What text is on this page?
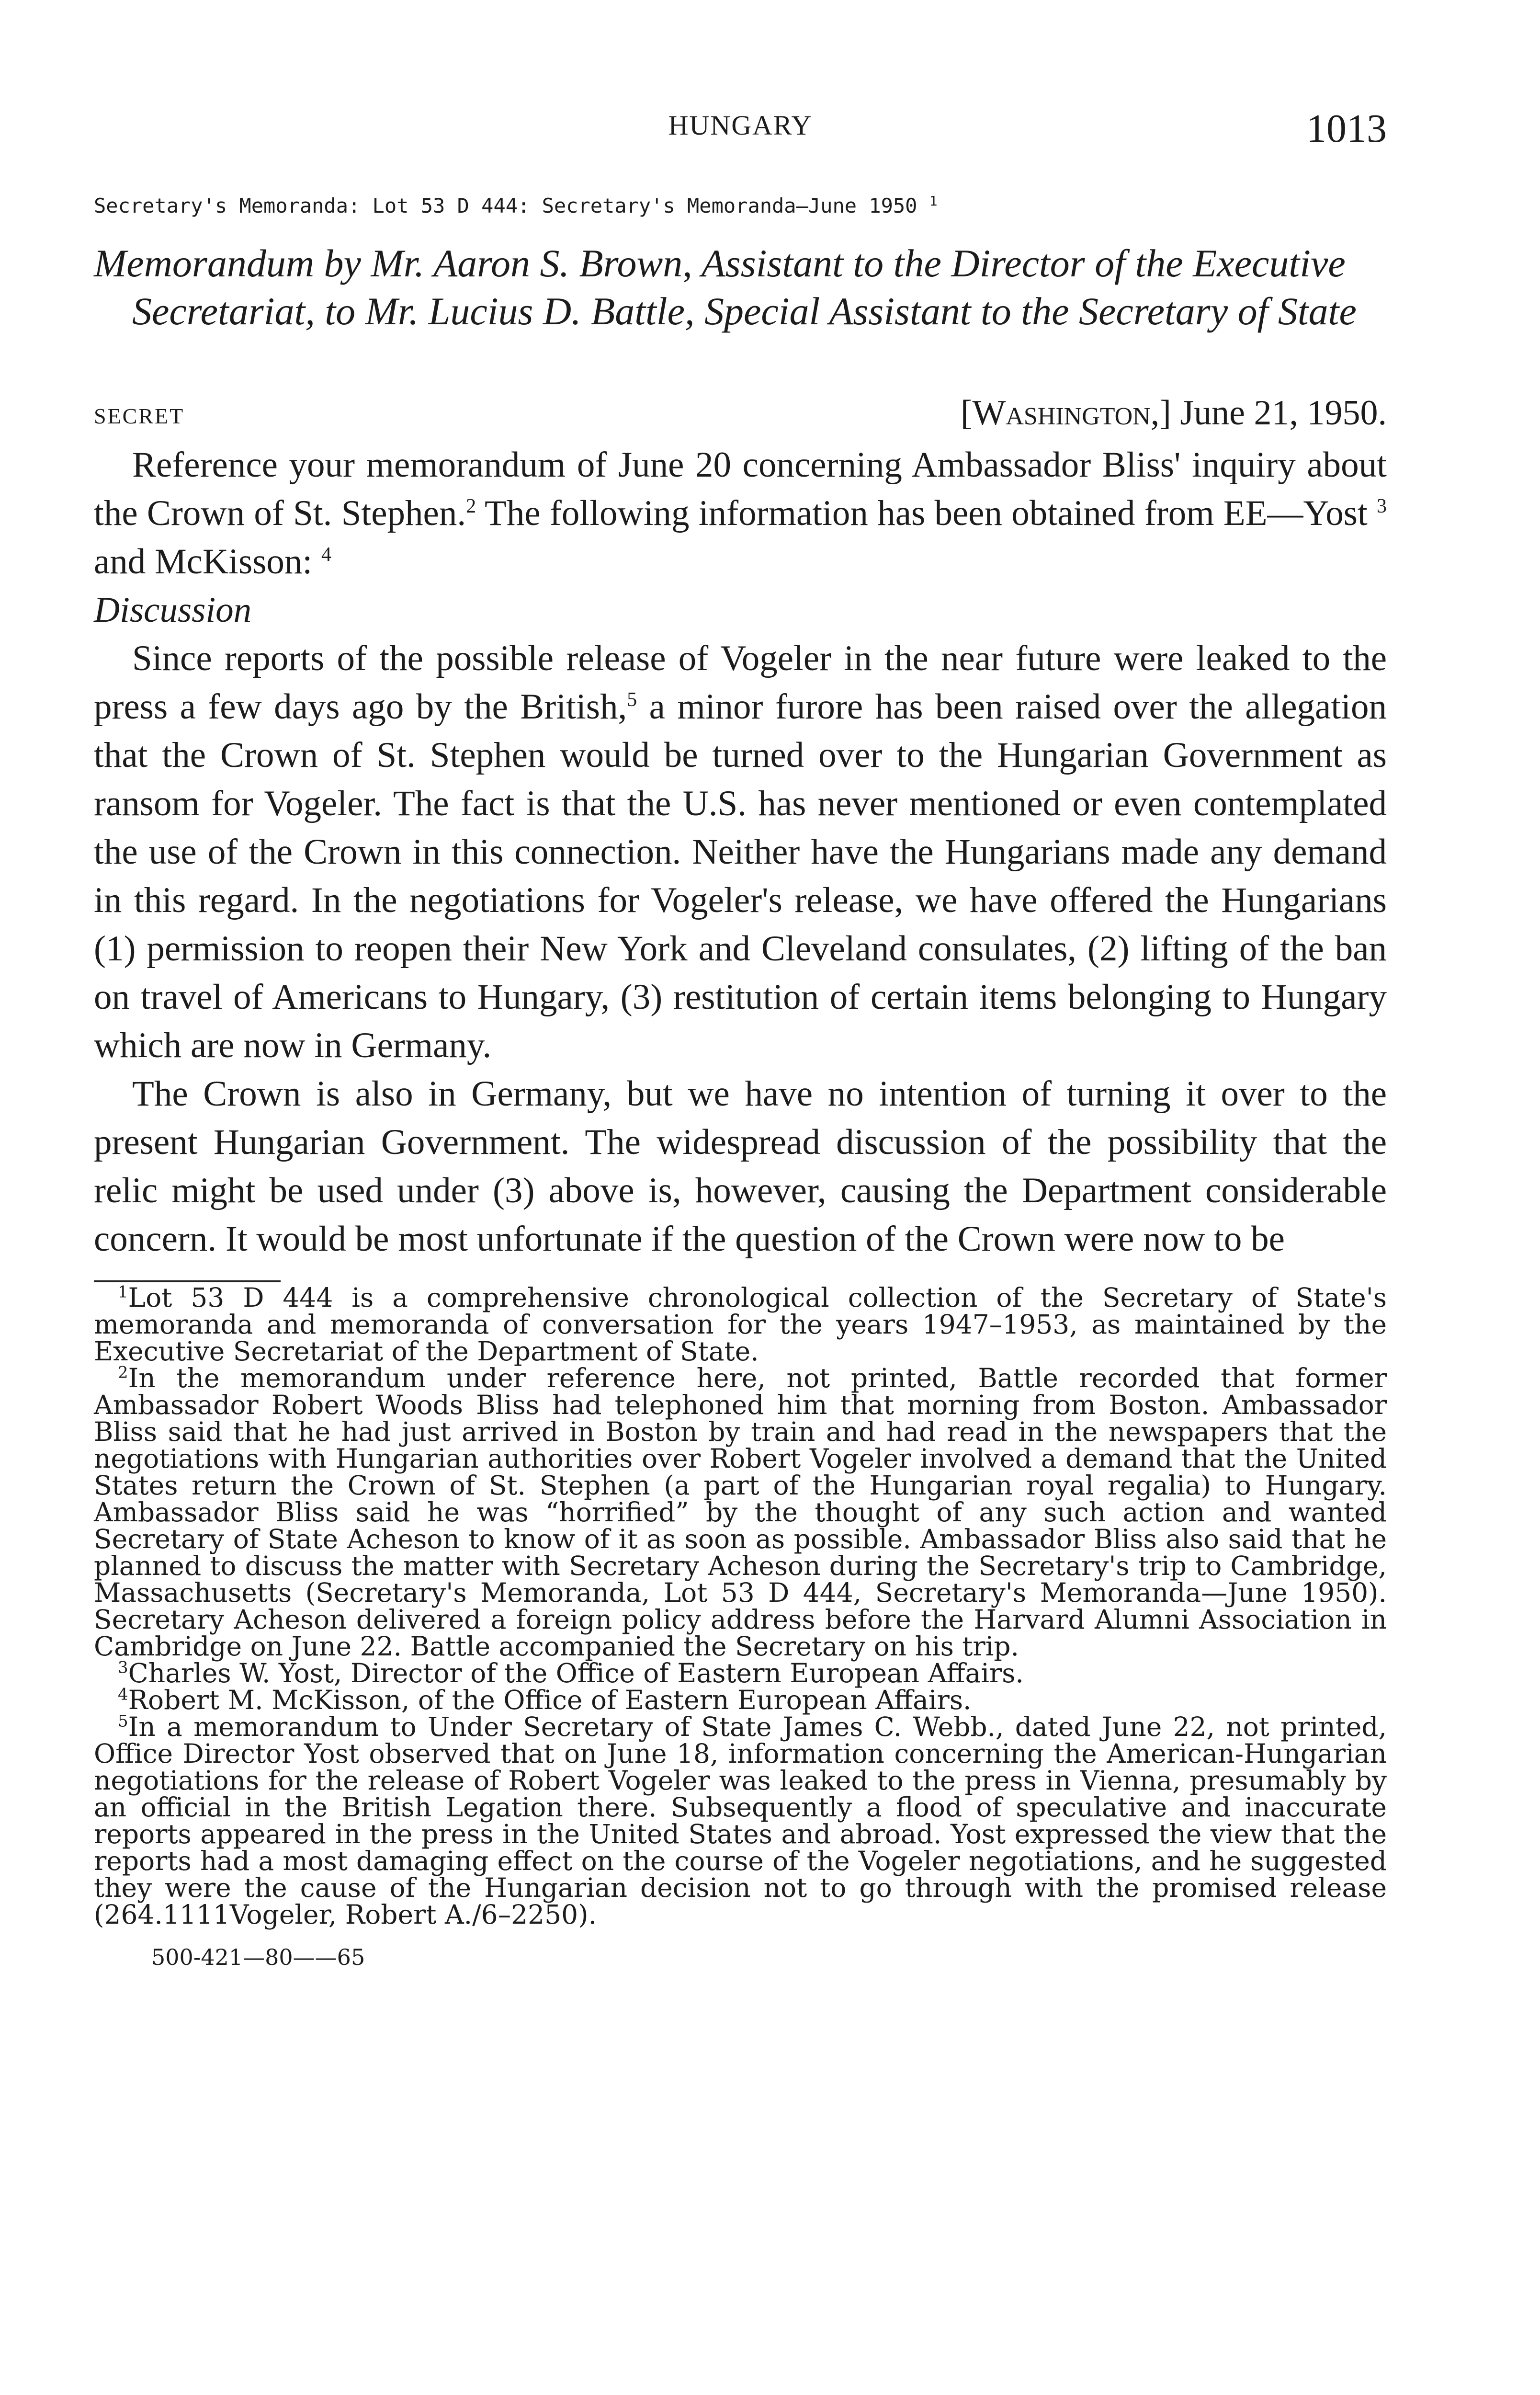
HUNGARY	1013
Secretary's Memoranda: Lot 53 D 444: Secretary's Memoranda—June 1950 $^1$
Memorandum by Mr. Aaron S. Brown, Assistant to the Director of the Executive Secretariat, to Mr. Lucius D. Battle, Special Assistant to the Secretary of State
SECRET	[Washington,] June 21, 1950.

Reference your memorandum of June 20 concerning Ambassador Bliss' inquiry about the Crown of St. Stephen.$^2$ The following information has been obtained from EE—Yost $^3$ and McKisson: $^4$

Discussion

Since reports of the possible release of Vogeler in the near future were leaked to the press a few days ago by the British,$^5$ a minor furore has been raised over the allegation that the Crown of St. Stephen would be turned over to the Hungarian Government as ransom for Vogeler. The fact is that the U.S. has never mentioned or even contemplated the use of the Crown in this connection. Neither have the Hungarians made any demand in this regard. In the negotiations for Vogeler's release, we have offered the Hungarians (1) permission to reopen their New York and Cleveland consulates, (2) lifting of the ban on travel of Americans to Hungary, (3) restitution of certain items belonging to Hungary which are now in Germany.

The Crown is also in Germany, but we have no intention of turning it over to the present Hungarian Government. The widespread discussion of the possibility that the relic might be used under (3) above is, however, causing the Department considerable concern. It would be most unfortunate if the question of the Crown were now to be

$^1$Lot 53 D 444 is a comprehensive chronological collection of the Secretary of State's memoranda and memoranda of conversation for the years 1947–1953, as maintained by the Executive Secretariat of the Department of State.

$^2$In the memorandum under reference here, not printed, Battle recorded that former Ambassador Robert Woods Bliss had telephoned him that morning from Boston. Ambassador Bliss said that he had just arrived in Boston by train and had read in the newspapers that the negotiations with Hungarian authorities over Robert Vogeler involved a demand that the United States return the Crown of St. Stephen (a part of the Hungarian royal regalia) to Hungary. Ambassador Bliss said he was “horrified” by the thought of any such action and wanted Secretary of State Acheson to know of it as soon as possible. Ambassador Bliss also said that he planned to discuss the matter with Secretary Acheson during the Secretary's trip to Cambridge, Massachusetts (Secretary's Memoranda, Lot 53 D 444, Secretary's Memoranda—June 1950). Secretary Acheson delivered a foreign policy address before the Harvard Alumni Association in Cambridge on June 22. Battle accompanied the Secretary on his trip.

$^3$Charles W. Yost, Director of the Office of Eastern European Affairs.

$^4$Robert M. McKisson, of the Office of Eastern European Affairs.

$^5$In a memorandum to Under Secretary of State James C. Webb., dated June 22, not printed, Office Director Yost observed that on June 18, information concerning the American-Hungarian negotiations for the release of Robert Vogeler was leaked to the press in Vienna, presumably by an official in the British Legation there. Subsequently a flood of speculative and inaccurate reports appeared in the press in the United States and abroad. Yost expressed the view that the reports had a most damaging effect on the course of the Vogeler negotiations, and he suggested they were the cause of the Hungarian decision not to go through with the promised release (264.1111Vogeler, Robert A./6–2250).

500-421—80——65
